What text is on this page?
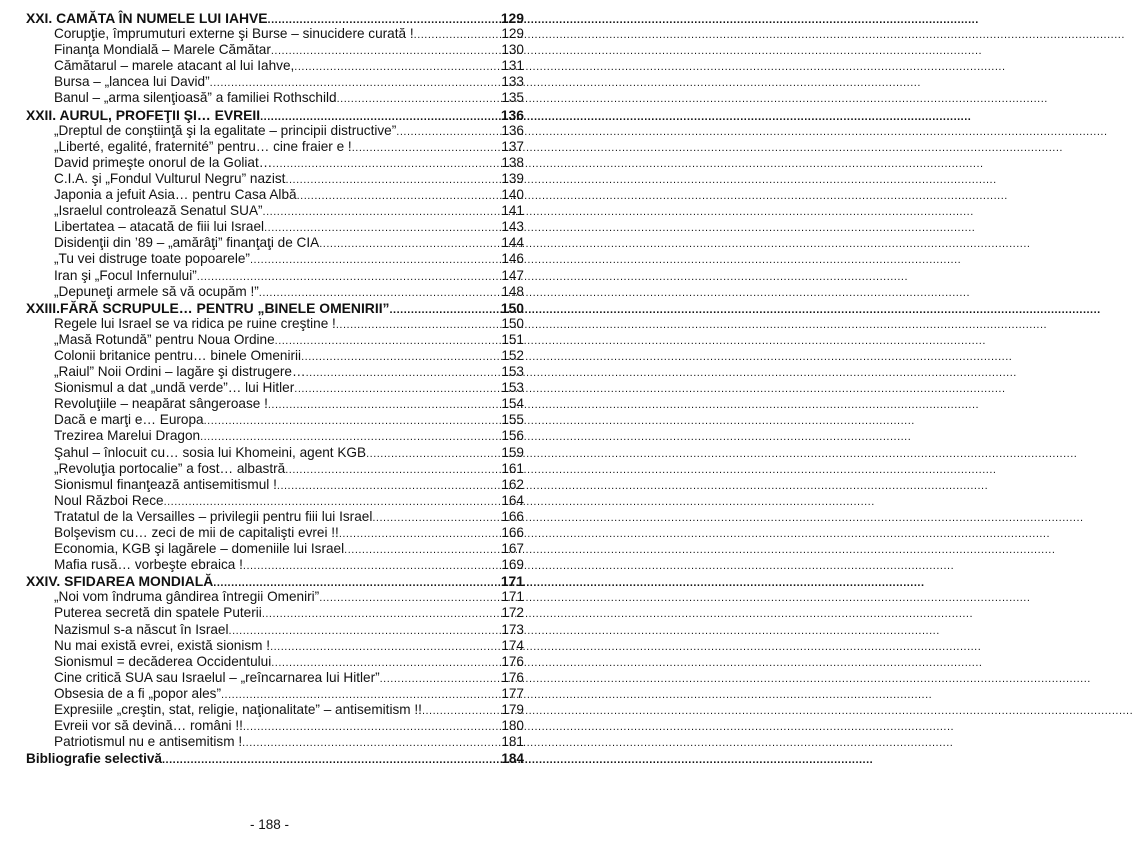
XXI. CAMĂTA ÎN NUMELE LUI IAHVE .....	129
Corupţie, împrumuturi externe şi Burse – sinucidere curată ! .....	129
Finanţa Mondială – Marele Cămătar .....	130
Cămătarul – marele atacant al lui Iahve, .....	131
Bursa – „lancea lui David” .....	133
Banul – „arma silenţioasă” a familiei Rothschild .....	135
XXII. AURUL, PROFEŢII ŞI… EVREII .....	136
„Dreptul de conştiinţă şi la egalitate – principii distructive” .....	136
„Liberté, egalité, fraternité” pentru… cine fraier e ! .....	137
David primeşte onorul de la Goliat… .....	138
C.I.A. şi „Fondul Vulturul Negru” nazist .....	139
Japonia a jefuit Asia… pentru Casa Albă .....	140
„Israelul controlează Senatul SUA” .....	141
Libertatea – atacată de fiii lui Israel .....	143
Disidenţii din ’89 – „amărâţi” finanţaţi de CIA .....	144
„Tu vei distruge toate popoarele” .....	146
Iran şi „Focul Infernului” .....	147
„Depuneţi armele să vă ocupăm !” .....	148
XXIII.FĂRĂ SCRUPULE… PENTRU „BINELE OMENIRII” .....	150
Regele lui Israel se va ridica pe ruine creştine ! .....	150
„Masă Rotundă” pentru Noua Ordine .....	151
Colonii britanice pentru… binele Omenirii .....	152
„Raiul” Noii Ordini – lagăre şi distrugere… .....	153
Sionismul a dat „undă verde”… lui Hitler .....	153
Revoluţiile – neapărat sângeroase ! .....	154
Dacă e marţi e… Europa .....	155
Trezirea Marelui Dragon .....	156
Şahul – înlocuit cu… sosia lui Khomeini, agent KGB .....	159
„Revoluţia portocalie” a fost… albastră .....	161
Sionismul finanţează antisemitismul ! .....	162
Noul Război Rece .....	164
Tratatul de la Versailles – privilegii pentru fiii lui Israel .....	166
Bolşevism cu… zeci de mii de capitalişti evrei !! .....	166
Economia, KGB şi lagărele – domeniile lui Israel .....	167
Mafia rusă… vorbeşte ebraica ! .....	169
XXIV. SFIDAREA MONDIALĂ .....	171
„Noi vom îndruma gândirea întregii Omeniri” .....	171
Puterea secretă din spatele Puterii .....	172
Nazismul s-a născut în Israel .....	173
Nu mai există evrei, există sionism ! .....	174
Sionismul = decăderea Occidentului .....	176
Cine critică SUA sau Israelul – „reîncarnarea lui Hitler” .....	176
Obsesia de a fi „popor ales” .....	177
Expresiile „creştin, stat, religie, naţionalitate” – antisemitism !! .....	179
Evreii vor să devină… români !! .....	180
Patriotismul nu e antisemitism ! .....	181
Bibliografie selectivă .....	184
- 188 -
